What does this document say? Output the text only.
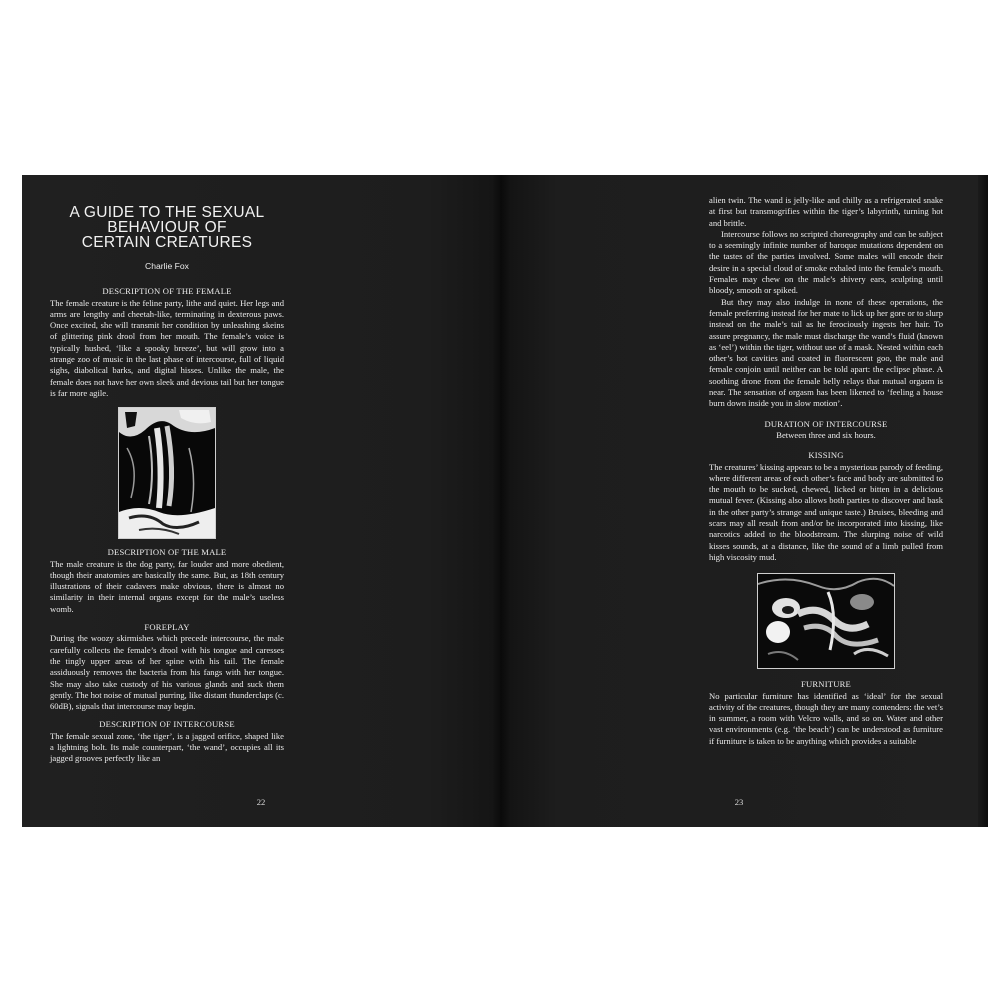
A GUIDE TO THE SEXUAL
BEHAVIOUR OF
CERTAIN CREATURES
Charlie Fox
DESCRIPTION OF THE FEMALE

The female creature is the feline party, lithe and quiet. Her legs and arms are lengthy and cheetah-like, terminating in dexterous paws. Once excited, she will transmit her condition by unleashing skeins of glittering pink drool from her mouth. The female’s voice is typically hushed, ‘like a spooky breeze’, but will grow into a strange zoo of music in the last phase of intercourse, full of liquid sighs, diabolical barks, and digital hisses. Unlike the male, the female does not have her own sleek and devious tail but her tongue is far more agile.

DESCRIPTION OF THE MALE

The male creature is the dog party, far louder and more obedient, though their anatomies are basically the same. But, as 18th century illustrations of their cadavers make obvious, there is almost no similarity in their internal organs except for the male’s useless womb.

FOREPLAY

During the woozy skirmishes which precede intercourse, the male carefully collects the female’s drool with his tongue and caresses the tingly upper areas of her spine with his tail. The female assiduously removes the bacteria from his fangs with her tongue. She may also take custody of his various glands and suck them gently. The hot noise of mutual purring, like distant thunderclaps (c. 60dB), signals that intercourse may begin.

DESCRIPTION OF INTERCOURSE

The female sexual zone, ‘the tiger’, is a jagged orifice, shaped like a lightning bolt. Its male counterpart, ‘the wand’, occupies all its jagged grooves perfectly like an

22

alien twin. The wand is jelly-like and chilly as a refrigerated snake at first but transmogrifies within the tiger’s labyrinth, turning hot and brittle.

Intercourse follows no scripted choreography and can be subject to a seemingly infinite number of baroque mutations dependent on the tastes of the parties involved. Some males will encode their desire in a special cloud of smoke exhaled into the female’s mouth. Females may chew on the male’s shivery ears, sculpting until bloody, smooth or spiked.

But they may also indulge in none of these operations, the female preferring instead for her mate to lick up her gore or to slurp instead on the male’s tail as he ferociously ingests her hair. To assure pregnancy, the male must discharge the wand’s fluid (known as ‘eel’) within the tiger, without use of a mask. Nested within each other’s hot cavities and coated in fluorescent goo, the male and female conjoin until neither can be told apart: the eclipse phase. A soothing drone from the female belly relays that mutual orgasm is near. The sensation of orgasm has been likened to ‘feeling a house burn down inside you in slow motion’.

DURATION OF INTERCOURSE
Between three and six hours.
KISSING

The creatures’ kissing appears to be a mysterious parody of feeding, where different areas of each other’s face and body are submitted to the mouth to be sucked, chewed, licked or bitten in a delicious mutual fever. (Kissing also allows both parties to discover and bask in the other party’s strange and unique taste.) Bruises, bleeding and scars may all result from and/or be incorporated into kissing, like narcotics added to the bloodstream. The slurping noise of wild kisses sounds, at a distance, like the sound of a limb pulled from high viscosity mud.

FURNITURE

No particular furniture has identified as ‘ideal’ for the sexual activity of the creatures, though they are many contenders: the vet’s in summer, a room with Velcro walls, and so on. Water and other vast environments (e.g. ‘the beach’) can be understood as furniture if furniture is taken to be anything which provides a suitable

23
